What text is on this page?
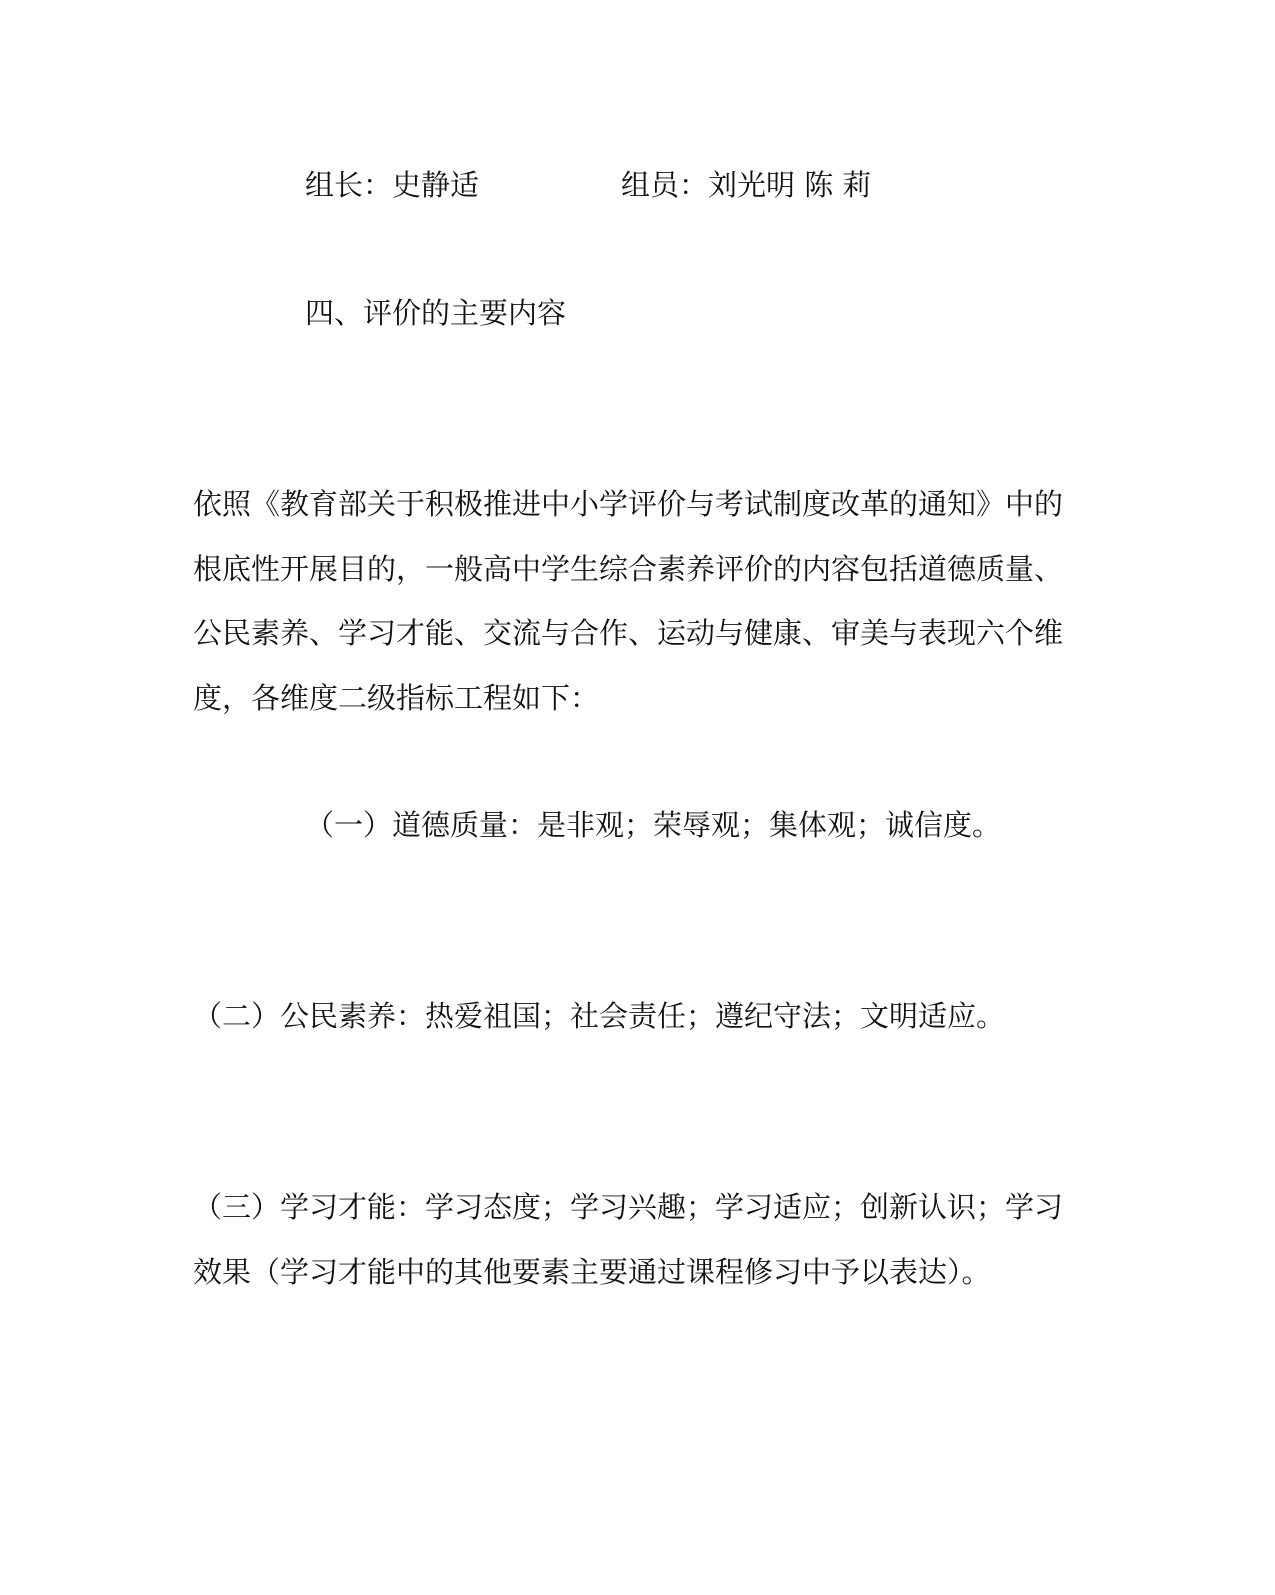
组长：史静适	组员：刘光明 陈 莉
四、评价的主要内容
依照《教育部关于积极推进中小学评价与考试制度改革的通知》中的
根底性开展目的，一般高中学生综合素养评价的内容包括道德质量、
公民素养、学习才能、交流与合作、运动与健康、审美与表现六个维
度，各维度二级指标工程如下：
（一）道德质量：是非观；荣辱观；集体观；诚信度。
（二）公民素养：热爱祖国；社会责任；遵纪守法；文明适应。
（三）学习才能：学习态度；学习兴趣；学习适应；创新认识；学习
效果（学习才能中的其他要素主要通过课程修习中予以表达）。
